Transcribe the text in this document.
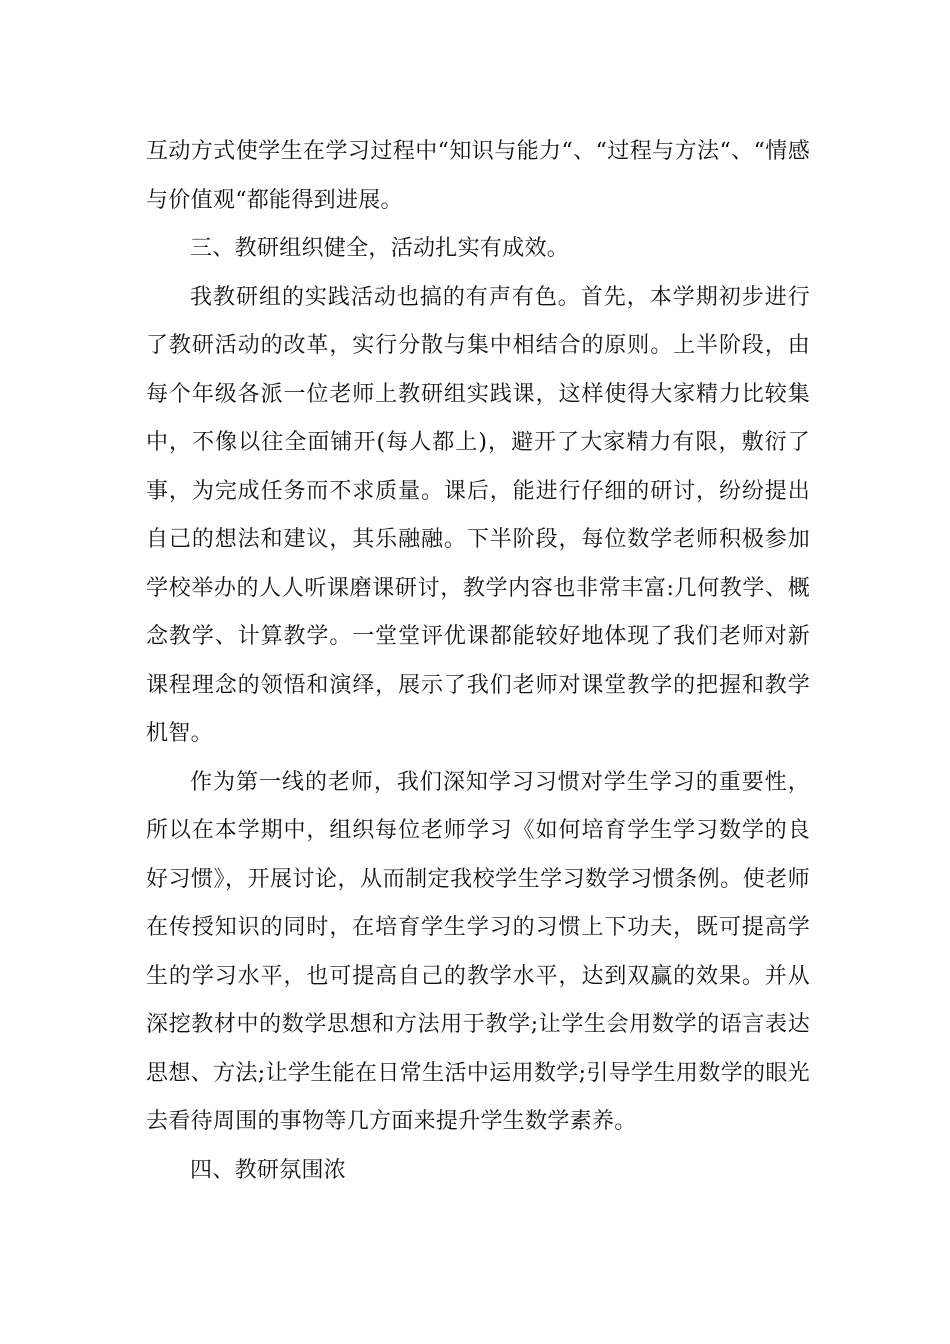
互动方式使学生在学习过程中“知识与能力“、“过程与方法“、“情感与价值观“都能得到进展。

三、教研组织健全，活动扎实有成效。

我教研组的实践活动也搞的有声有色。首先，本学期初步进行了教研活动的改革，实行分散与集中相结合的原则。上半阶段，由每个年级各派一位老师上教研组实践课，这样使得大家精力比较集中，不像以往全面铺开(每人都上)，避开了大家精力有限，敷衍了事，为完成任务而不求质量。课后，能进行仔细的研讨，纷纷提出自己的想法和建议，其乐融融。下半阶段，每位数学老师积极参加学校举办的人人听课磨课研讨，教学内容也非常丰富:几何教学、概念教学、计算教学。一堂堂评优课都能较好地体现了我们老师对新课程理念的领悟和演绎，展示了我们老师对课堂教学的把握和教学机智。

作为第一线的老师，我们深知学习习惯对学生学习的重要性，所以在本学期中，组织每位老师学习《如何培育学生学习数学的良好习惯》，开展讨论，从而制定我校学生学习数学习惯条例。使老师在传授知识的同时，在培育学生学习的习惯上下功夫，既可提高学生的学习水平，也可提高自己的教学水平，达到双赢的效果。并从深挖教材中的数学思想和方法用于教学;让学生会用数学的语言表达思想、方法;让学生能在日常生活中运用数学;引导学生用数学的眼光去看待周围的事物等几方面来提升学生数学素养。

四、教研氛围浓
